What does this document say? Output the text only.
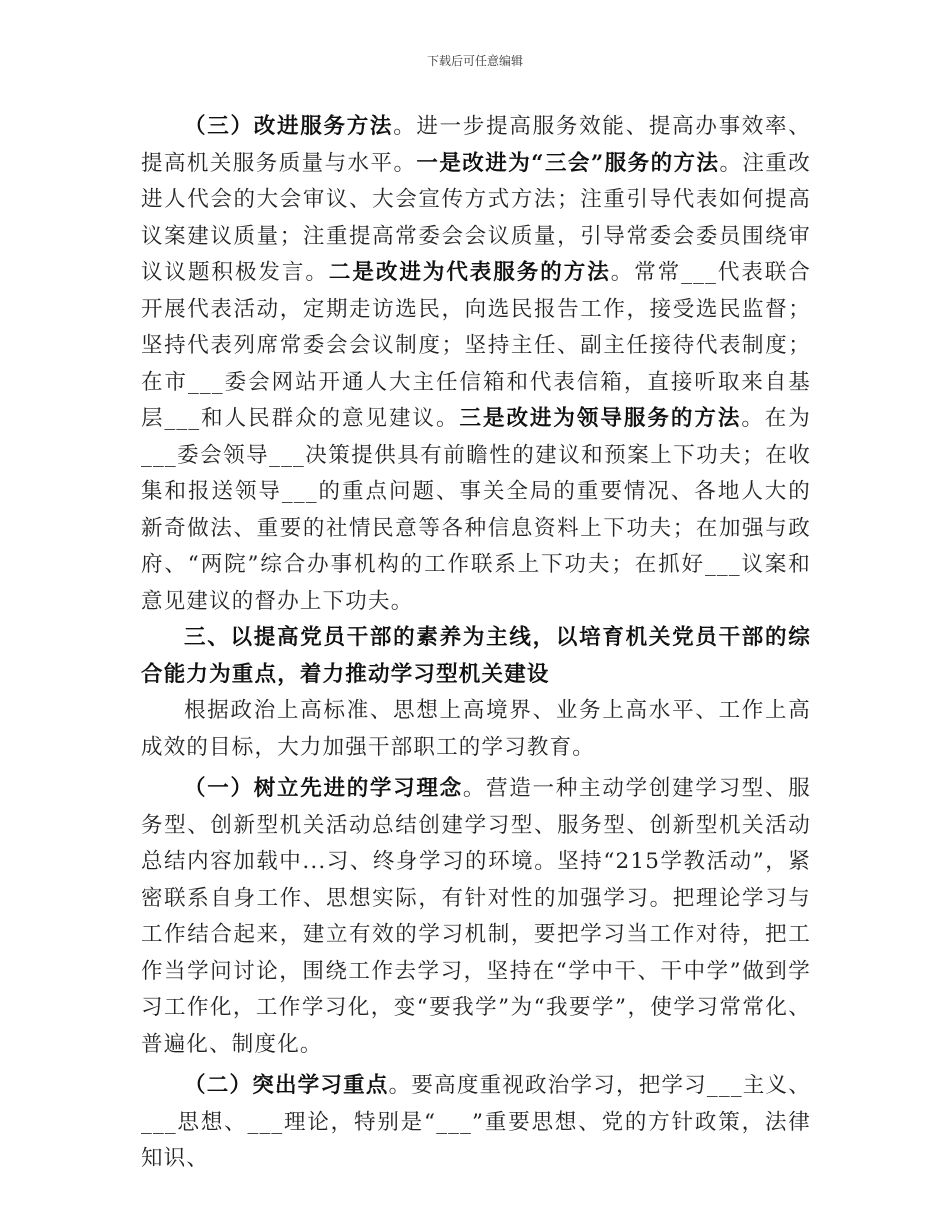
下载后可任意编辑

（三）改进服务方法。进一步提高服务效能、提高办事效率、提高机关服务质量与水平。一是改进为“三会”服务的方法。注重改进人代会的大会审议、大会宣传方式方法；注重引导代表如何提高议案建议质量；注重提高常委会会议质量，引导常委会委员围绕审议议题积极发言。二是改进为代表服务的方法。常常___代表联合开展代表活动，定期走访选民，向选民报告工作，接受选民监督；坚持代表列席常委会会议制度；坚持主任、副主任接待代表制度；在市___委会网站开通人大主任信箱和代表信箱，直接听取来自基层___和人民群众的意见建议。三是改进为领导服务的方法。在为___委会领导___决策提供具有前瞻性的建议和预案上下功夫；在收集和报送领导___的重点问题、事关全局的重要情况、各地人大的新奇做法、重要的社情民意等各种信息资料上下功夫；在加强与政府、“两院”综合办事机构的工作联系上下功夫；在抓好___议案和意见建议的督办上下功夫。

三、以提高党员干部的素养为主线，以培育机关党员干部的综合能力为重点，着力推动学习型机关建设

根据政治上高标准、思想上高境界、业务上高水平、工作上高成效的目标，大力加强干部职工的学习教育。

（一）树立先进的学习理念。营造一种主动学创建学习型、服务型、创新型机关活动总结创建学习型、服务型、创新型机关活动总结内容加载中...习、终身学习的环境。坚持“215学教活动”，紧密联系自身工作、思想实际，有针对性的加强学习。把理论学习与工作结合起来，建立有效的学习机制，要把学习当工作对待，把工作当学问讨论，围绕工作去学习，坚持在“学中干、干中学”做到学习工作化，工作学习化，变“要我学”为“我要学”，使学习常常化、普遍化、制度化。

（二）突出学习重点。要高度重视政治学习，把学习___主义、___思想、___理论，特别是“___”重要思想、党的方针政策，法律知识、
